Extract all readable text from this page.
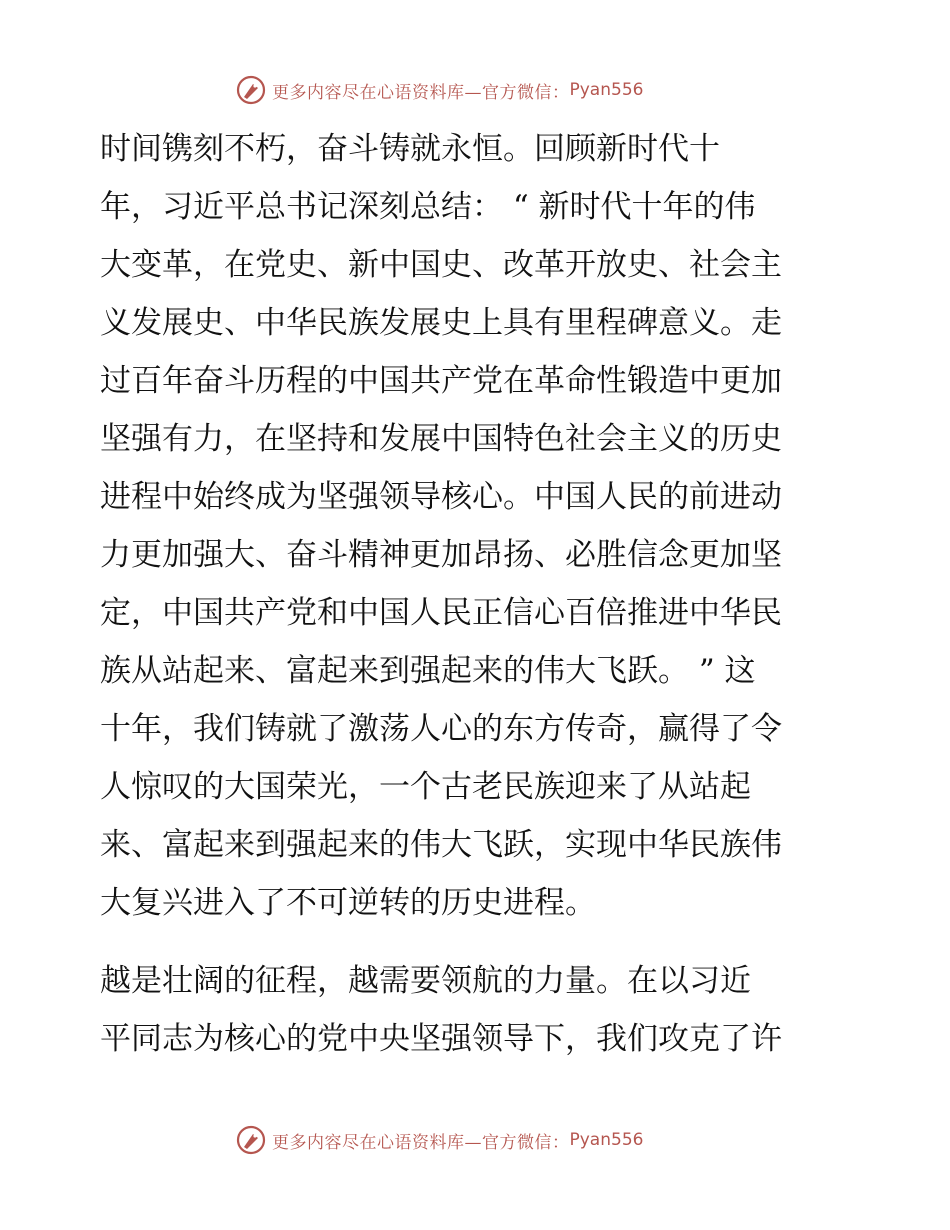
更多内容尽在心语资料库—官方微信： Pyan556
时间镌刻不朽，奋斗铸就永恒。回顾新时代十
年，习近平总书记深刻总结： “ 新时代十年的伟
大变革，在党史、新中国史、改革开放史、社会主
义发展史、中华民族发展史上具有里程碑意义。走
过百年奋斗历程的中国共产党在革命性锻造中更加
坚强有力，在坚持和发展中国特色社会主义的历史
进程中始终成为坚强领导核心。中国人民的前进动
力更加强大、奋斗精神更加昂扬、必胜信念更加坚
定，中国共产党和中国人民正信心百倍推进中华民
族从站起来、富起来到强起来的伟大飞跃。 ” 这
十年，我们铸就了激荡人心的东方传奇，赢得了令
人惊叹的大国荣光，一个古老民族迎来了从站起
来、富起来到强起来的伟大飞跃，实现中华民族伟
大复兴进入了不可逆转的历史进程。
越是壮阔的征程，越需要领航的力量。在以习近
平同志为核心的党中央坚强领导下，我们攻克了许
更多内容尽在心语资料库—官方微信： Pyan556
